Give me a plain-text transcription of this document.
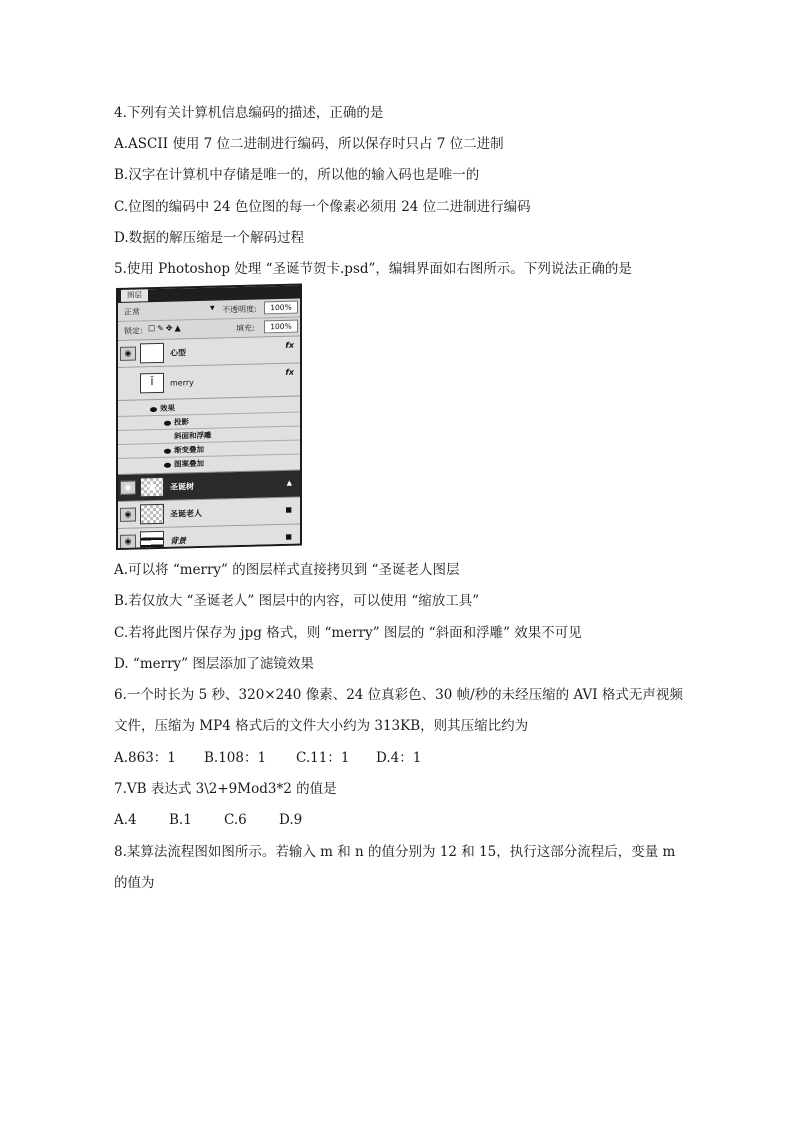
4.下列有关计算机信息编码的描述，正确的是
A.ASCII 使用 7 位二进制进行编码，所以保存时只占 7 位二进制
B.汉字在计算机中存储是唯一的，所以他的输入码也是唯一的
C.位图的编码中 24 色位图的每一个像素必须用 24 位二进制进行编码
D.数据的解压缩是一个解码过程
5.使用 Photoshop 处理 “圣诞节贺卡.psd”，编辑界面如右图所示。下列说法正确的是
图层
正常	▼ 不透明度:	100%
锁定: ☐✎✥▲	填充:	100%
◉	心型
fx
Ϊ	merry
fx
效果
投影
斜面和浮雕
渐变叠加
图案叠加
◉	▲	圣诞树	▲
◉	圣诞老人	■
◉	背景	■
A.可以将 “merry” 的图层样式直接拷贝到 “圣诞老人图层
B.若仅放大 “圣诞老人” 图层中的内容，可以使用 “缩放工具”
C.若将此图片保存为 jpg 格式，则 “merry” 图层的 “斜面和浮雕” 效果不可见
D. “merry” 图层添加了滤镜效果
6.一个时长为 5 秒、320×240 像素、24 位真彩色、30 帧/秒的未经压缩的 AVI 格式无声视频
文件，压缩为 MP4 格式后的文件大小约为 313KB，则其压缩比约为
A.863：1	B.108：1	C.11：1	D.4：1
7.VB 表达式 3\2+9Mod3*2 的值是
A.4	B.1	C.6	D.9
8.某算法流程图如图所示。若输入 m 和 n 的值分别为 12 和 15，执行这部分流程后，变量 m
的值为
